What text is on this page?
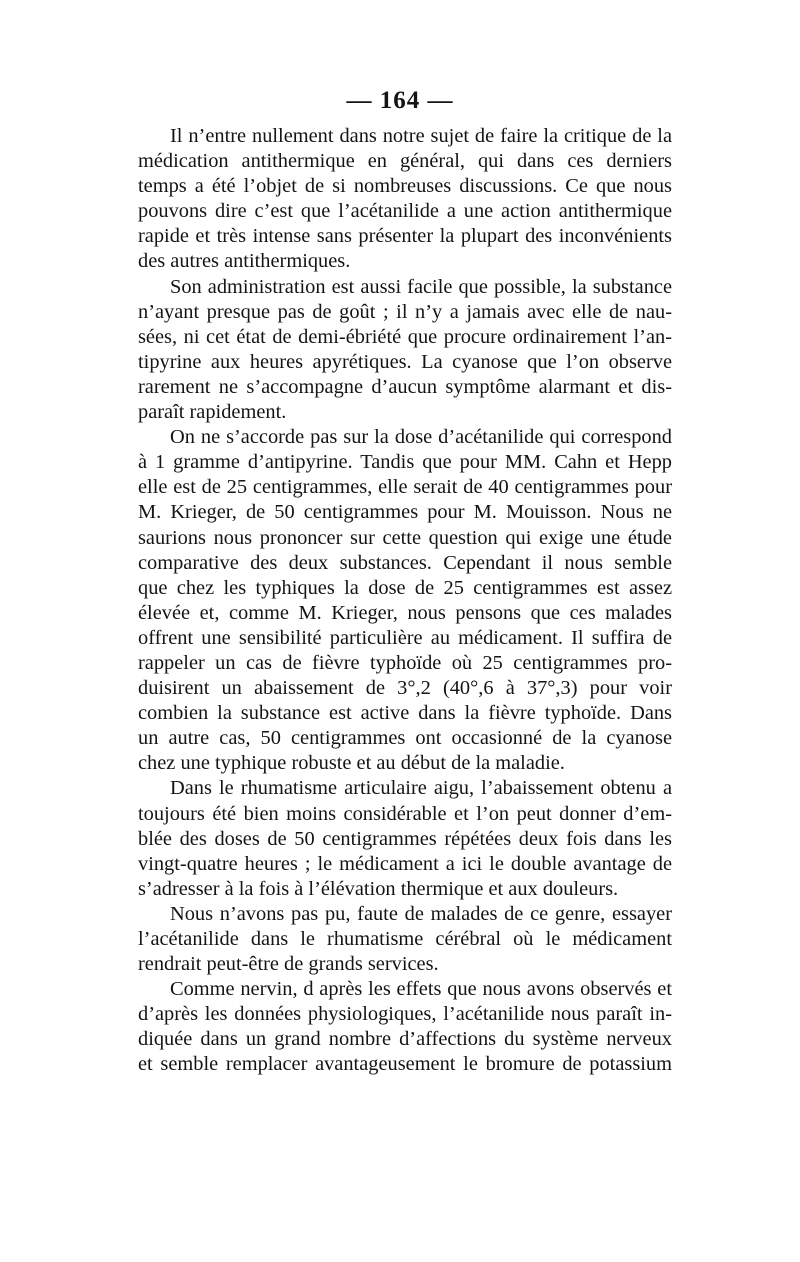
— 164 —
Il n’entre nullement dans notre sujet de faire la critique de la
médication antithermique en général, qui dans ces derniers
temps a été l’objet de si nombreuses discussions. Ce que nous
pouvons dire c’est que l’acétanilide a une action antithermique
rapide et très intense sans présenter la plupart des inconvénients
des autres antithermiques.
Son administration est aussi facile que possible, la substance
n’ayant presque pas de goût ; il n’y a jamais avec elle de nau-
sées, ni cet état de demi-ébriété que procure ordinairement l’an-
tipyrine aux heures apyrétiques. La cyanose que l’on observe
rarement ne s’accompagne d’aucun symptôme alarmant et dis-
paraît rapidement.
On ne s’accorde pas sur la dose d’acétanilide qui correspond
à 1 gramme d’antipyrine. Tandis que pour MM. Cahn et Hepp
elle est de 25 centigrammes, elle serait de 40 centigrammes pour
M. Krieger, de 50 centigrammes pour M. Mouisson. Nous ne
saurions nous prononcer sur cette question qui exige une étude
comparative des deux substances. Cependant il nous semble
que chez les typhiques la dose de 25 centigrammes est assez
élevée et, comme M. Krieger, nous pensons que ces malades
offrent une sensibilité particulière au médicament. Il suffira de
rappeler un cas de fièvre typhoïde où 25 centigrammes pro-
duisirent un abaissement de 3°,2 (40°,6 à 37°,3) pour voir
combien la substance est active dans la fièvre typhoïde. Dans
un autre cas, 50 centigrammes ont occasionné de la cyanose
chez une typhique robuste et au début de la maladie.
Dans le rhumatisme articulaire aigu, l’abaissement obtenu a
toujours été bien moins considérable et l’on peut donner d’em-
blée des doses de 50 centigrammes répétées deux fois dans les
vingt-quatre heures ; le médicament a ici le double avantage de
s’adresser à la fois à l’élévation thermique et aux douleurs.
Nous n’avons pas pu, faute de malades de ce genre, essayer
l’acétanilide dans le rhumatisme cérébral où le médicament
rendrait peut-être de grands services.
Comme nervin, d après les effets que nous avons observés et
d’après les données physiologiques, l’acétanilide nous paraît in-
diquée dans un grand nombre d’affections du système nerveux
et semble remplacer avantageusement le bromure de potassium
